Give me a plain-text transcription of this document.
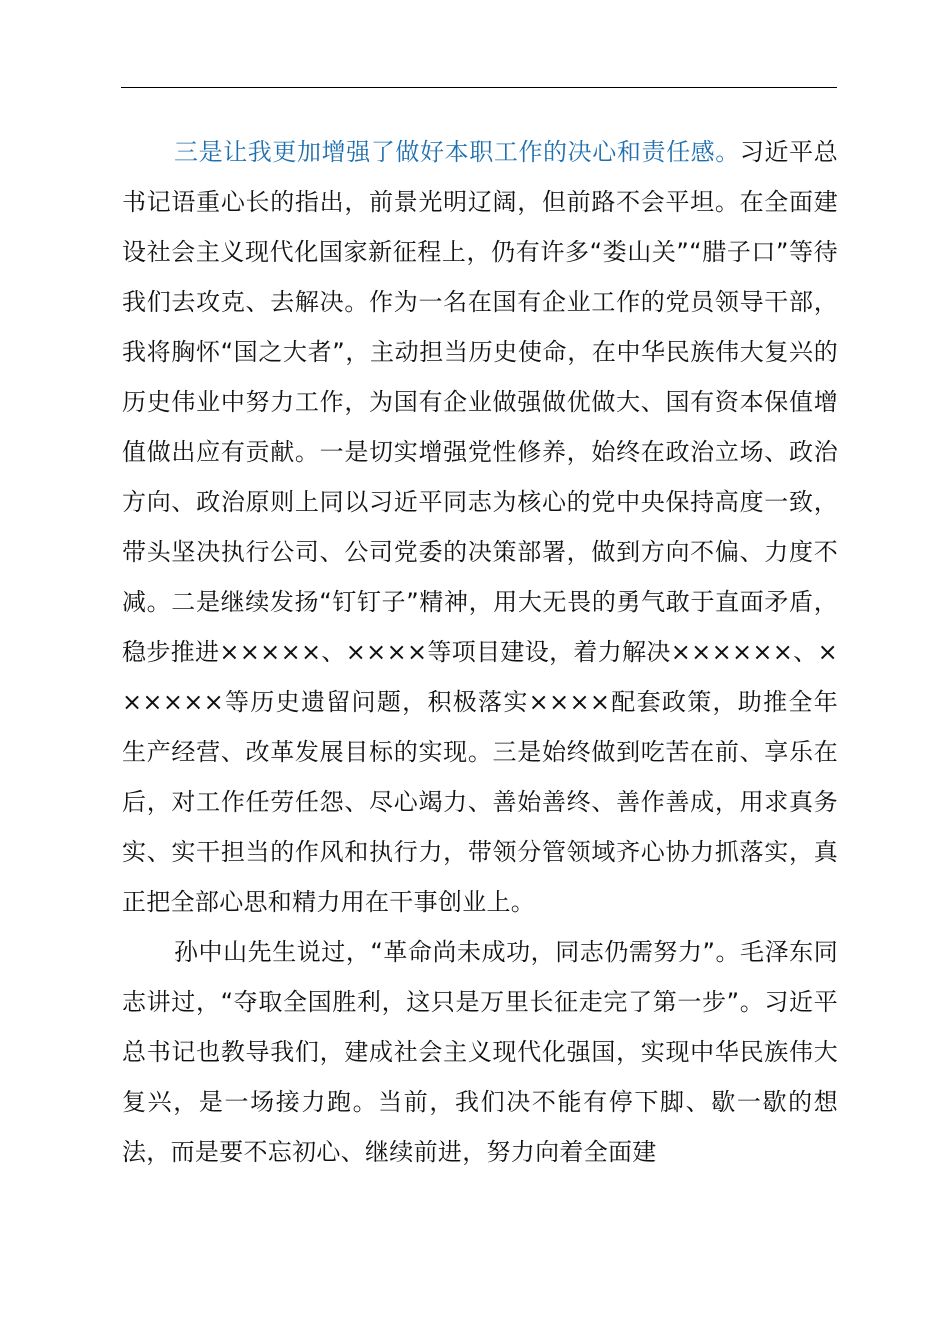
三是让我更加增强了做好本职工作的决心和责任感。习近平总书记语重心长的指出，前景光明辽阔，但前路不会平坦。在全面建设社会主义现代化国家新征程上，仍有许多“娄山关”“腊子口”等待我们去攻克、去解决。作为一名在国有企业工作的党员领导干部，我将胸怀“国之大者”，主动担当历史使命，在中华民族伟大复兴的历史伟业中努力工作，为国有企业做强做优做大、国有资本保值增值做出应有贡献。一是切实增强党性修养，始终在政治立场、政治方向、政治原则上同以习近平同志为核心的党中央保持高度一致，带头坚决执行公司、公司党委的决策部署，做到方向不偏、力度不减。二是继续发扬“钉钉子”精神，用大无畏的勇气敢于直面矛盾，稳步推进×××××、××××等项目建设，着力解决××××××、××××××等历史遗留问题，积极落实××××配套政策，助推全年生产经营、改革发展目标的实现。三是始终做到吃苦在前、享乐在后，对工作任劳任怨、尽心竭力、善始善终、善作善成，用求真务实、实干担当的作风和执行力，带领分管领域齐心协力抓落实，真正把全部心思和精力用在干事创业上。

孙中山先生说过，“革命尚未成功，同志仍需努力”。毛泽东同志讲过，“夺取全国胜利，这只是万里长征走完了第一步”。习近平总书记也教导我们，建成社会主义现代化强国，实现中华民族伟大复兴，是一场接力跑。当前，我们决不能有停下脚、歇一歇的想法，而是要不忘初心、继续前进，努力向着全面建
